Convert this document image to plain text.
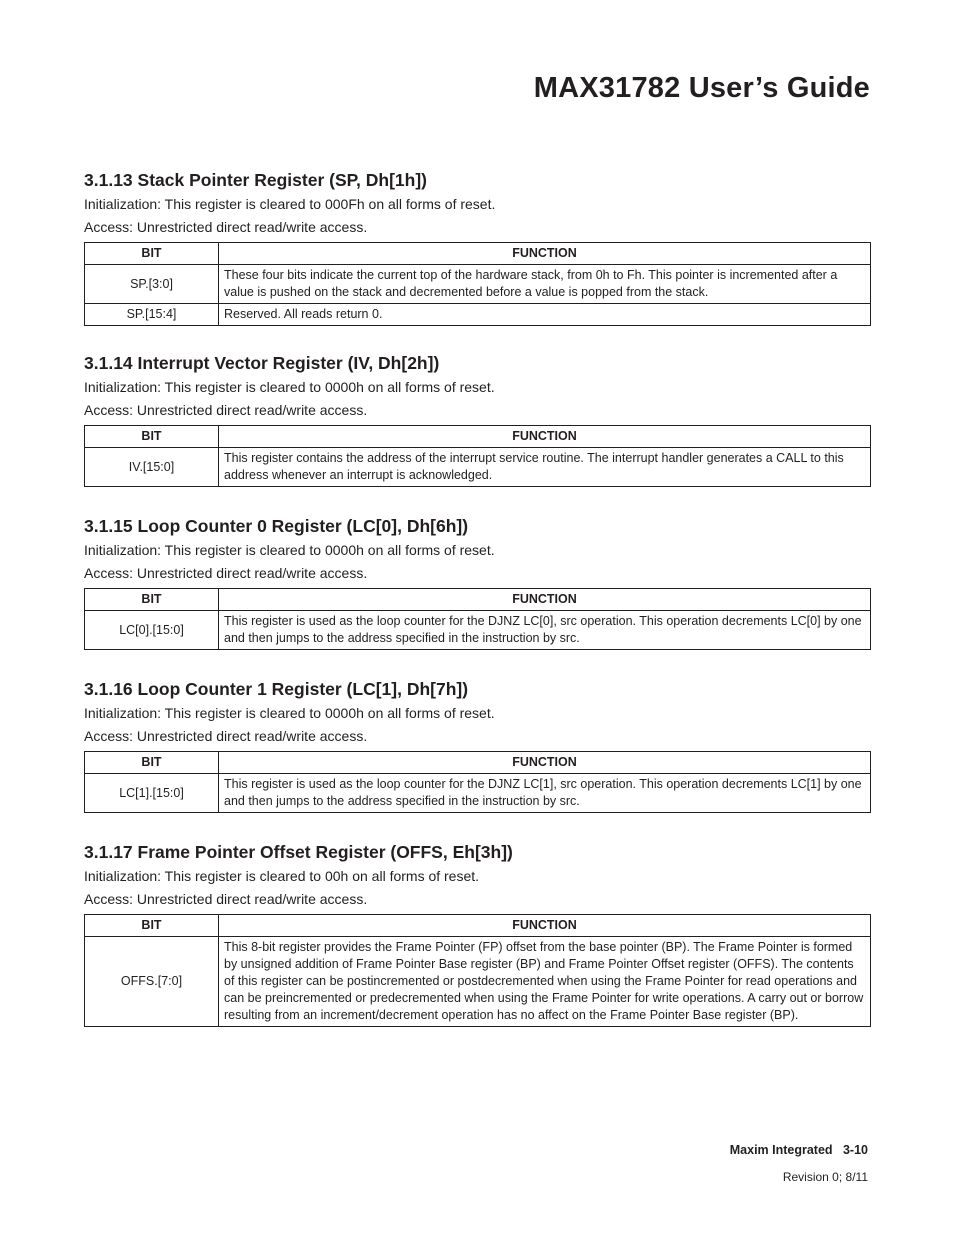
MAX31782 User’s Guide
3.1.13 Stack Pointer Register (SP, Dh[1h])

Initialization: This register is cleared to 000Fh on all forms of reset.

Access: Unrestricted direct read/write access.

BIT	FUNCTION
SP.[3:0]	These four bits indicate the current top of the hardware stack, from 0h to Fh. This pointer is incremented after a value is pushed on the stack and decremented before a value is popped from the stack.
SP.[15:4]	Reserved. All reads return 0.
3.1.14 Interrupt Vector Register (IV, Dh[2h])

Initialization: This register is cleared to 0000h on all forms of reset.

Access: Unrestricted direct read/write access.

BIT	FUNCTION
IV.[15:0]	This register contains the address of the interrupt service routine. The interrupt handler generates a CALL to this address whenever an interrupt is acknowledged.
3.1.15 Loop Counter 0 Register (LC[0], Dh[6h])

Initialization: This register is cleared to 0000h on all forms of reset.

Access: Unrestricted direct read/write access.

BIT	FUNCTION
LC[0].[15:0]	This register is used as the loop counter for the DJNZ LC[0], src operation. This operation decrements LC[0] by one and then jumps to the address specified in the instruction by src.
3.1.16 Loop Counter 1 Register (LC[1], Dh[7h])

Initialization: This register is cleared to 0000h on all forms of reset.

Access: Unrestricted direct read/write access.

BIT	FUNCTION
LC[1].[15:0]	This register is used as the loop counter for the DJNZ LC[1], src operation. This operation decrements LC[1] by one and then jumps to the address specified in the instruction by src.
3.1.17 Frame Pointer Offset Register (OFFS, Eh[3h])

Initialization: This register is cleared to 00h on all forms of reset.

Access: Unrestricted direct read/write access.

BIT	FUNCTION
OFFS.[7:0]	This 8-bit register provides the Frame Pointer (FP) offset from the base pointer (BP). The Frame Pointer is formed by unsigned addition of Frame Pointer Base register (BP) and Frame Pointer Offset register (OFFS). The contents of this register can be postincremented or postdecremented when using the Frame Pointer for read operations and can be preincremented or predecremented when using the Frame Pointer for write operations. A carry out or borrow resulting from an increment/decrement operation has no affect on the Frame Pointer Base register (BP).
Maxim Integrated   3-10
Revision 0; 8/11
